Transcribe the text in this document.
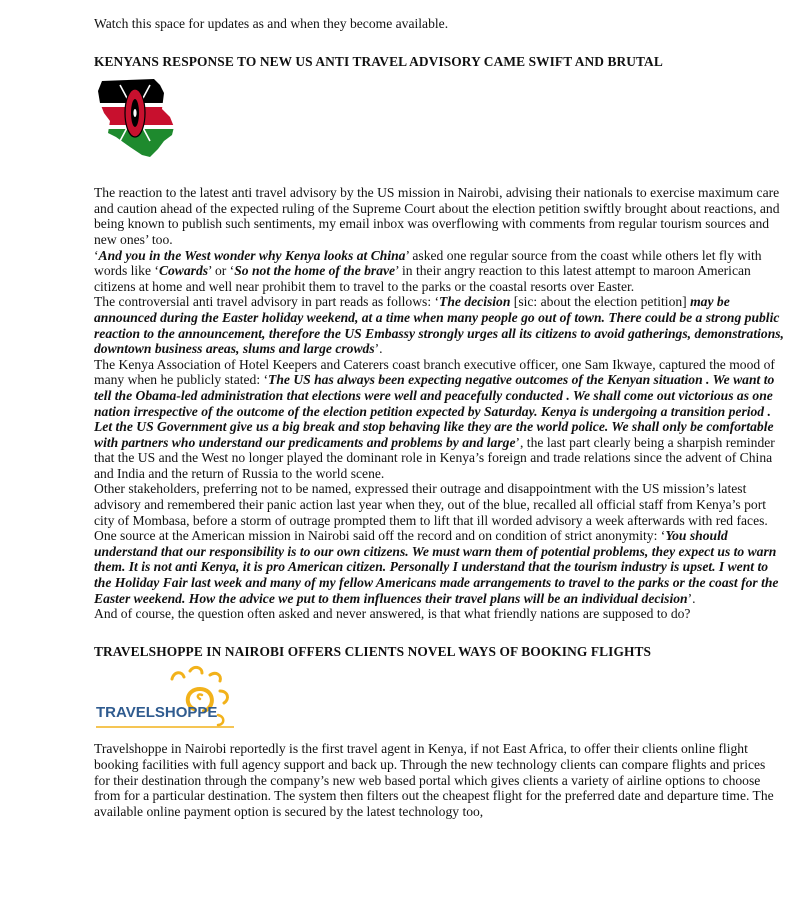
Watch this space for updates as and when they become available.

KENYANS RESPONSE TO NEW US ANTI TRAVEL ADVISORY CAME SWIFT AND BRUTAL

The reaction to the latest anti travel advisory by the US mission in Nairobi, advising their nationals to exercise maximum care and caution ahead of the expected ruling of the Supreme Court about the election petition swiftly brought about reactions, and being known to publish such sentiments, my email inbox was overflowing with comments from regular tourism sources and new ones’ too.

‘And you in the West wonder why Kenya looks at China’ asked one regular source from the coast while others let fly with words like ‘Cowards’ or ‘So not the home of the brave’ in their angry reaction to this latest attempt to maroon American citizens at home and well near prohibit them to travel to the parks or the coastal resorts over Easter.

The controversial anti travel advisory in part reads as follows: ‘The decision [sic: about the election petition] may be announced during the Easter holiday weekend, at a time when many people go out of town. There could be a strong public reaction to the announcement, therefore the US Embassy strongly urges all its citizens to avoid gatherings, demonstrations, downtown business areas, slums and large crowds’.

The Kenya Association of Hotel Keepers and Caterers coast branch executive officer, one Sam Ikwaye, captured the mood of many when he publicly stated: ‘The US has always been expecting negative outcomes of the Kenyan situation . We want to tell the Obama-led administration that elections were well and peacefully conducted . We shall come out victorious as one nation irrespective of the outcome of the election petition expected by Saturday. Kenya is undergoing a transition period . Let the US Government give us a big break and stop behaving like they are the world police. We shall only be comfortable with partners who understand our predicaments and problems by and large’, the last part clearly being a sharpish reminder that the US and the West no longer played the dominant role in Kenya’s foreign and trade relations since the advent of China and India and the return of Russia to the world scene.

Other stakeholders, preferring not to be named, expressed their outrage and disappointment with the US mission’s latest advisory and remembered their panic action last year when they, out of the blue, recalled all official staff from Kenya’s port city of Mombasa, before a storm of outrage prompted them to lift that ill worded advisory a week afterwards with red faces.

One source at the American mission in Nairobi said off the record and on condition of strict anonymity: ‘You should understand that our responsibility is to our own citizens. We must warn them of potential problems, they expect us to warn them. It is not anti Kenya, it is pro American citizen. Personally I understand that the tourism industry is upset. I went to the Holiday Fair last week and many of my fellow Americans made arrangements to travel to the parks or the coast for the Easter weekend. How the advice we put to them influences their travel plans will be an individual decision’.

And of course, the question often asked and never answered, is that what friendly nations are supposed to do?

TRAVELSHOPPE IN NAIROBI OFFERS CLIENTS NOVEL WAYS OF BOOKING FLIGHTS

TRAVELSHOPPE

Travelshoppe in Nairobi reportedly is the first travel agent in Kenya, if not East Africa, to offer their clients online flight booking facilities with full agency support and back up. Through the new technology clients can compare flights and prices for their destination through the company’s new web based portal which gives clients a variety of airline options to choose from for a particular destination. The system then filters out the cheapest flight for the preferred date and departure time. The available online payment option is secured by the latest technology too,
